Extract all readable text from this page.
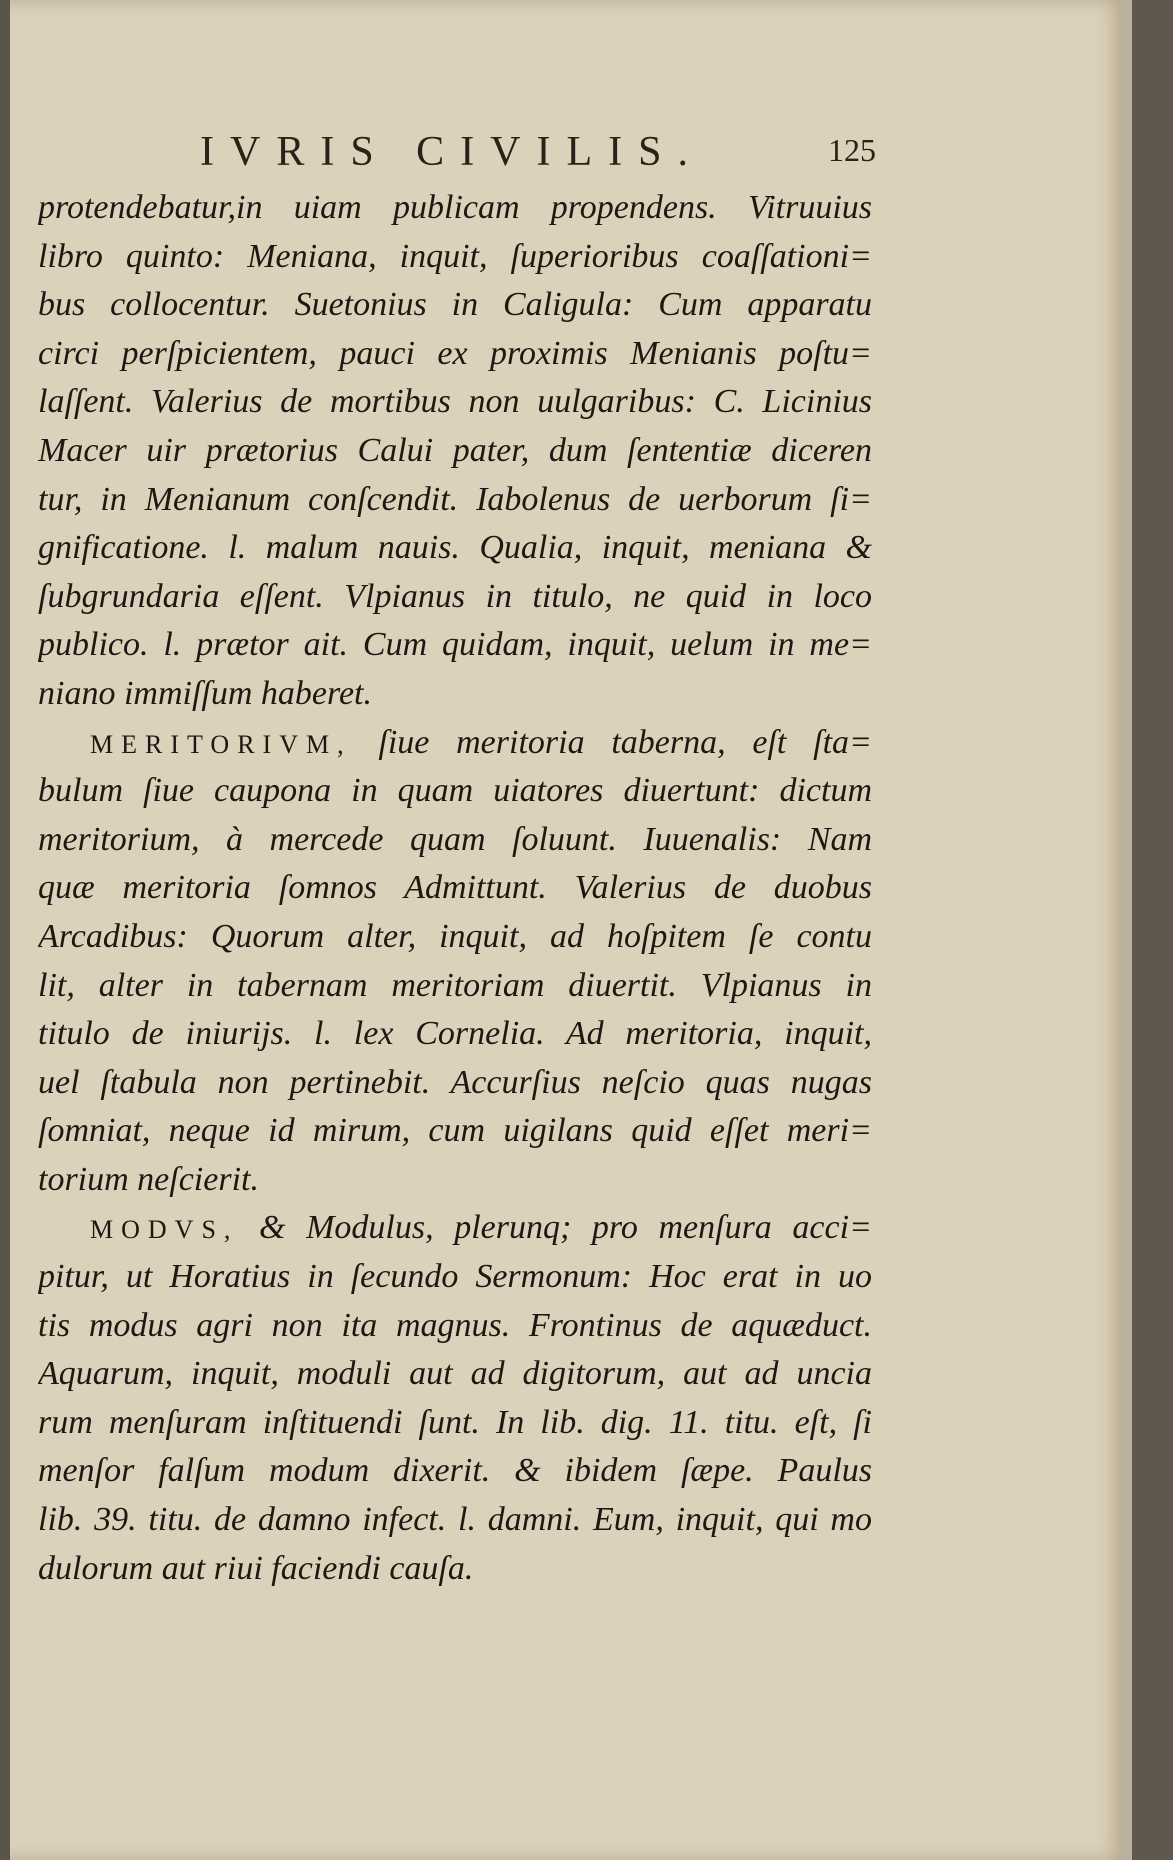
IVRIS CIVILIS.	125
protendebatur,in uiam publicam propendens. Vitruuius
libro quinto: Meniana, inquit, ſuperioribus coaſſationi=
bus collocentur. Suetonius in Caligula: Cum apparatu
circi perſpicientem, pauci ex proximis Menianis poſtu=
laſſent. Valerius de mortibus non uulgaribus: C. Licinius
Macer uir prætorius Calui pater, dum ſententiæ diceren
tur, in Menianum conſcendit. Iabolenus de uerborum ſi=
gnificatione. l. malum nauis. Qualia, inquit, meniana &
ſubgrundaria eſſent. Vlpianus in titulo, ne quid in loco
publico. l. prætor ait. Cum quidam, inquit, uelum in me=
niano immiſſum haberet.
MERITORIVM, ſiue meritoria taberna, eſt ſta=
bulum ſiue caupona in quam uiatores diuertunt: dictum
meritorium, à mercede quam ſoluunt. Iuuenalis: Nam
quæ meritoria ſomnos Admittunt. Valerius de duobus
Arcadibus: Quorum alter, inquit, ad hoſpitem ſe contu
lit, alter in tabernam meritoriam diuertit. Vlpianus in
titulo de iniurijs. l. lex Cornelia. Ad meritoria, inquit,
uel ſtabula non pertinebit. Accurſius neſcio quas nugas
ſomniat, neque id mirum, cum uigilans quid eſſet meri=
torium neſcierit.
MODVS, & Modulus, plerunq; pro menſura acci=
pitur, ut Horatius in ſecundo Sermonum: Hoc erat in uo
tis modus agri non ita magnus. Frontinus de aquæduct.
Aquarum, inquit, moduli aut ad digitorum, aut ad uncia
rum menſuram inſtituendi ſunt. In lib. dig. 11. titu. eſt, ſi
menſor falſum modum dixerit. & ibidem ſæpe. Paulus
lib. 39. titu. de damno infect. l. damni. Eum, inquit, qui mo
dulorum aut riui faciendi cauſa.
